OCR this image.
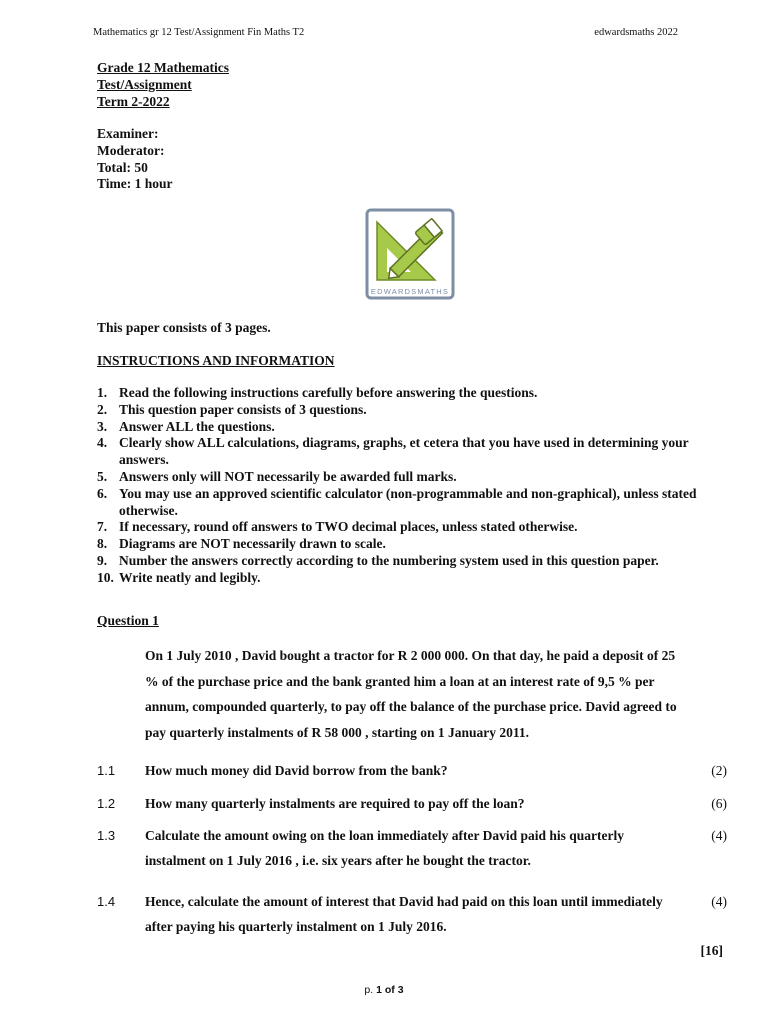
Mathematics gr 12 Test/Assignment Fin Maths T2	edwardsmaths 2022
Grade 12 Mathematics
Test/Assignment
Term 2-2022
Examiner:
Moderator:
Total: 50
Time: 1 hour
EDWARDSMATHS
This paper consists of 3 pages.
INSTRUCTIONS AND INFORMATION
1. Read the following instructions carefully before answering the questions.
2. This question paper consists of 3 questions.
3. Answer ALL the questions.
4. Clearly show ALL calculations, diagrams, graphs, et cetera that you have used in determining your answers.
5. Answers only will NOT necessarily be awarded full marks.
6. You may use an approved scientific calculator (non-programmable and non-graphical), unless stated otherwise.
7. If necessary, round off answers to TWO decimal places, unless stated otherwise.
8. Diagrams are NOT necessarily drawn to scale.
9. Number the answers correctly according to the numbering system used in this question paper.
10. Write neatly and legibly.
Question 1
On 1 July 2010 , David bought a tractor for R 2 000 000. On that day, he paid a deposit of 25 % of the purchase price and the bank granted him a loan at an interest rate of 9,5 % per annum, compounded quarterly, to pay off the balance of the purchase price. David agreed to pay quarterly instalments of R 58 000 , starting on 1 January 2011.
1.1	How much money did David borrow from the bank?	(2)
1.2	How many quarterly instalments are required to pay off the loan?	(6)
1.3	Calculate the amount owing on the loan immediately after David paid his quarterly instalment on 1 July 2016 , i.e. six years after he bought the tractor.
(4)
1.4	Hence, calculate the amount of interest that David had paid on this loan until immediately after paying his quarterly instalment on 1 July 2016.
(4)
[16]
p. 1 of 3
